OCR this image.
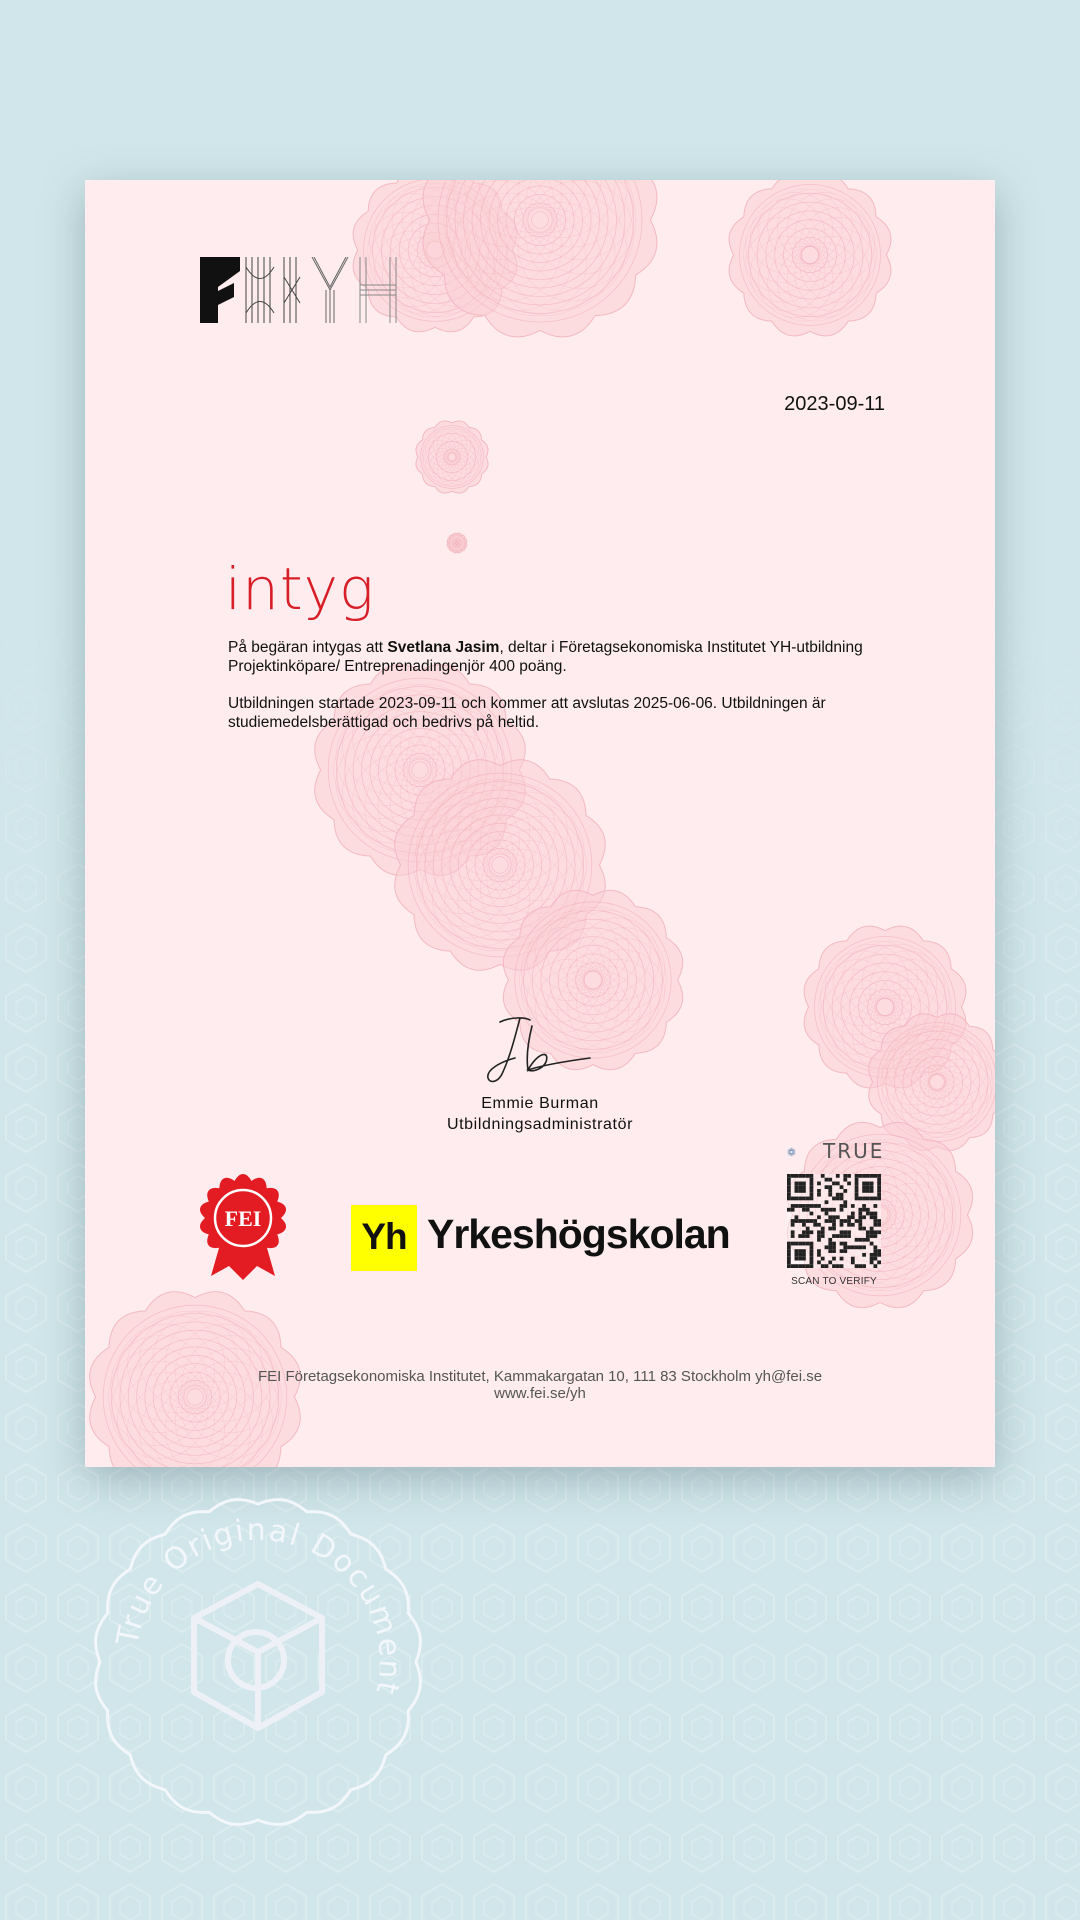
2023-09-11
intyg
På begäran intygas att Svetlana Jasim, deltar i Företagsekonomiska Institutet YH-utbildning Projektinköpare/ Entreprenadingenjör 400 poäng.
Utbildningen startade 2023-09-11 och kommer att avslutas 2025-06-06. Utbildningen är studiemedelsberättigad och bedrivs på heltid.
Emmie Burman
Utbildningsadministratör
FEI	Yh Yrkeshögskolan
TRUE
SCAN TO VERIFY
FEI Företagsekonomiska Institutet, Kammakargatan 10, 111 83 Stockholm yh@fei.se
www.fei.se/yh
True Original Document
